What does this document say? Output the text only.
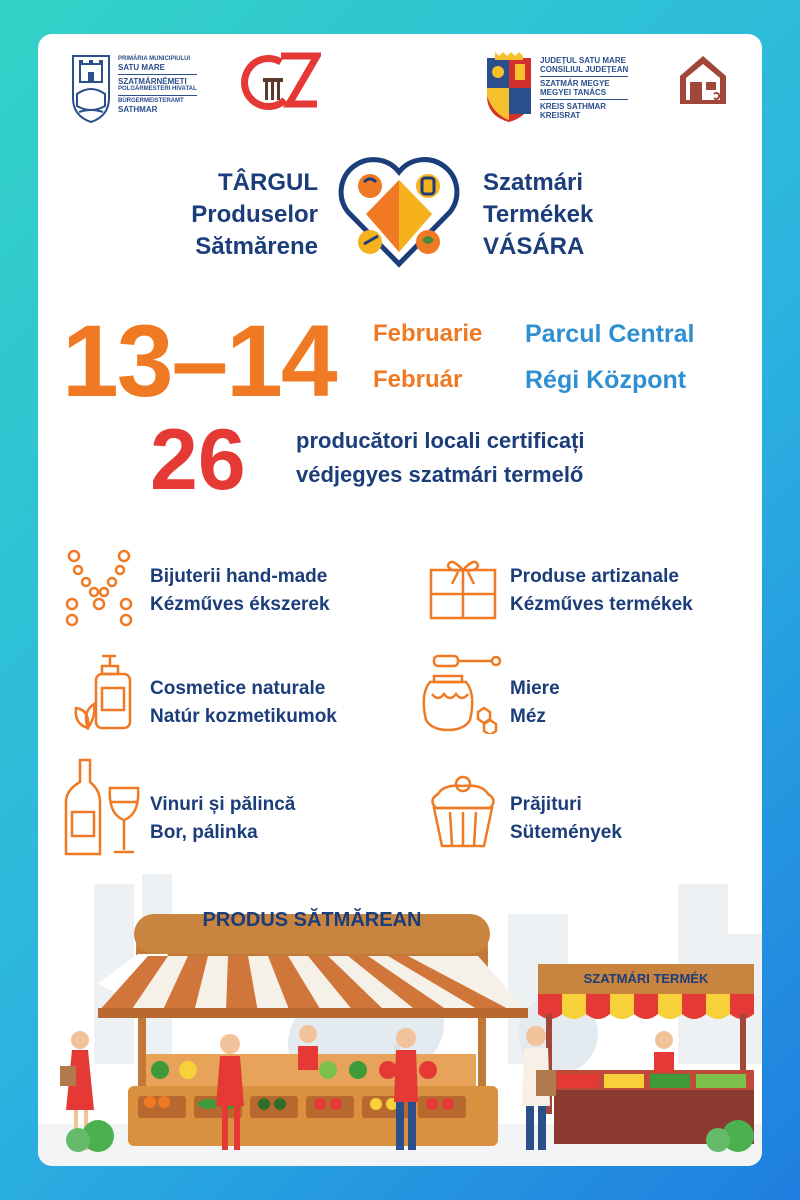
PRIMĂRIA MUNICIPIULUI
SATU MARE
SZATMÁRNÉMETI
POLGÁRMESTERI HIVATAL
BÜRGERMEISTERAMT
SATHMAR
JUDEȚUL SATU MARE
CONSILIUL JUDEȚEAN
SZATMÁR MEGYE
MEGYEI TANÁCS
KREIS SATHMAR
KREISRAT
TÂRGUL
Produselor
Sătmărene
Szatmári
Termékek
VÁSÁRA
13–14 Februarie
Február
Parcul Central
Régi Központ
26 producători locali certificați
védjegyes szatmári termelő
Bijuterii hand-made
Kézműves ékszerek
Produse artizanale
Kézműves termékek
Cosmetice naturale
Natúr kozmetikumok
Miere
Méz
Vinuri și pălincă
Bor, pálinka
Prăjituri
Sütemények
PRODUS SĂTMĂREAN
SZATMÁRI TERMÉK
